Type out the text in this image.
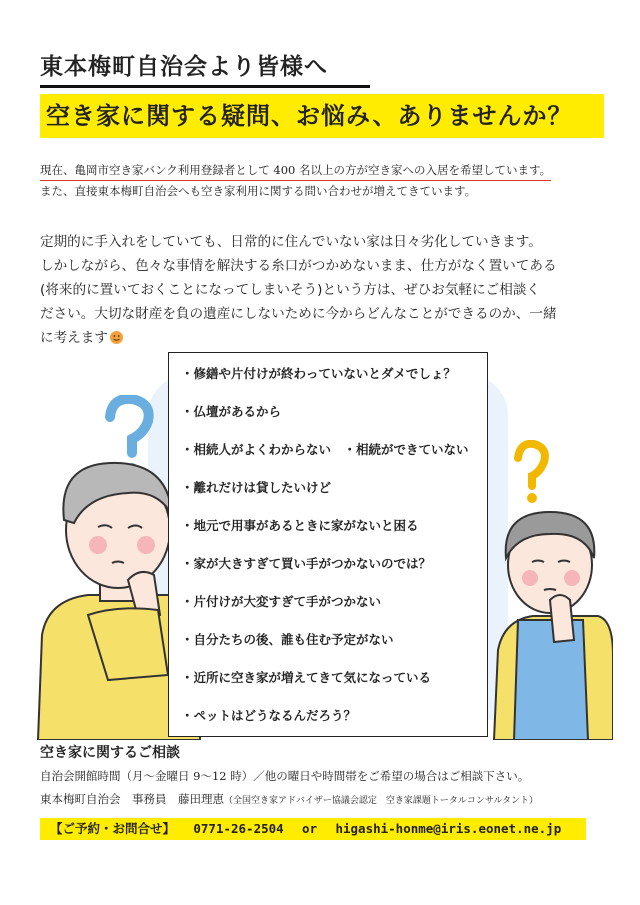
東本梅町自治会より皆様へ
空き家に関する疑問、お悩み、ありませんか？
現在、亀岡市空き家バンク利用登録者として 400 名以上の方が空き家への入居を希望しています。
また、直接東本梅町自治会へも空き家利用に関する問い合わせが増えてきています。
定期的に手入れをしていても、日常的に住んでいない家は日々劣化していきます。
しかしながら、色々な事情を解決する糸口がつかめないまま、仕方がなく置いてある
(将来的に置いておくことになってしまいそう)という方は、ぜひお気軽にご相談く
ださい。大切な財産を負の遺産にしないために今からどんなことができるのか、一緒
に考えます
・修繕や片付けが終わっていないとダメでしょ？
・仏壇があるから
・相続人がよくわからない　・相続ができていない
・離れだけは貸したいけど
・地元で用事があるときに家がないと困る
・家が大きすぎて買い手がつかないのでは？
・片付けが大変すぎて手がつかない
・自分たちの後、誰も住む予定がない
・近所に空き家が増えてきて気になっている
・ペットはどうなるんだろう？
空き家に関するご相談
自治会開館時間（月～金曜日 9～12 時）／他の曜日や時間帯をご希望の場合はご相談下さい。
東本梅町自治会　事務員　藤田理恵（全国空き家アドバイザー協議会認定　空き家課題トータルコンサルタント）
【ご予約・お問合せ】 0771-26-2504 or higashi-honme@iris.eonet.ne.jp
